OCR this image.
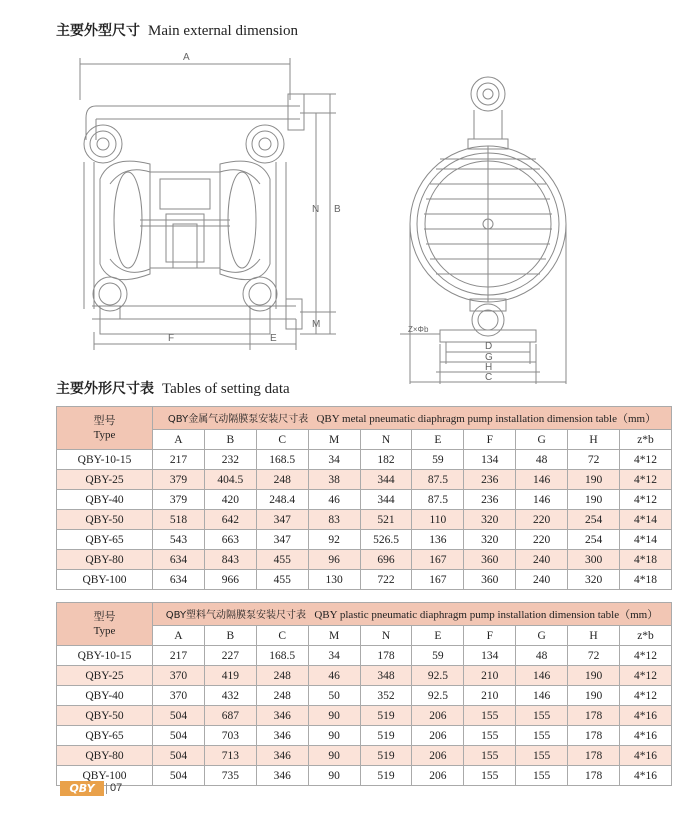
主要外型尺寸 Main external dimension
A
N B
M
F	E
Z×Φb
D
G
H
C
主要外形尺寸表 Tables of setting data
型号
Type	QBY金属气动隔膜泵安装尺寸表 QBY metal pneumatic diaphragm pump installation dimension table（mm）									
	A	B	C	M	N	E	F	G	H	z*b
QBY-10-15	217	232	168.5	34	182	59	134	48	72	4*12
QBY-25	379	404.5	248	38	344	87.5	236	146	190	4*12
QBY-40	379	420	248.4	46	344	87.5	236	146	190	4*12
QBY-50	518	642	347	83	521	110	320	220	254	4*14
QBY-65	543	663	347	92	526.5	136	320	220	254	4*14
QBY-80	634	843	455	96	696	167	360	240	300	4*18
QBY-100	634	966	455	130	722	167	360	240	320	4*18
型号
Type	QBY塑料气动隔膜泵安装尺寸表 QBY plastic pneumatic diaphragm pump installation dimension table（mm）									
	A	B	C	M	N	E	F	G	H	z*b
QBY-10-15	217	227	168.5	34	178	59	134	48	72	4*12
QBY-25	370	419	248	46	348	92.5	210	146	190	4*12
QBY-40	370	432	248	50	352	92.5	210	146	190	4*12
QBY-50	504	687	346	90	519	206	155	155	178	4*16
QBY-65	504	703	346	90	519	206	155	155	178	4*16
QBY-80	504	713	346	90	519	206	155	155	178	4*16
QBY-100	504	735	346	90	519	206	155	155	178	4*16
QBY	07
